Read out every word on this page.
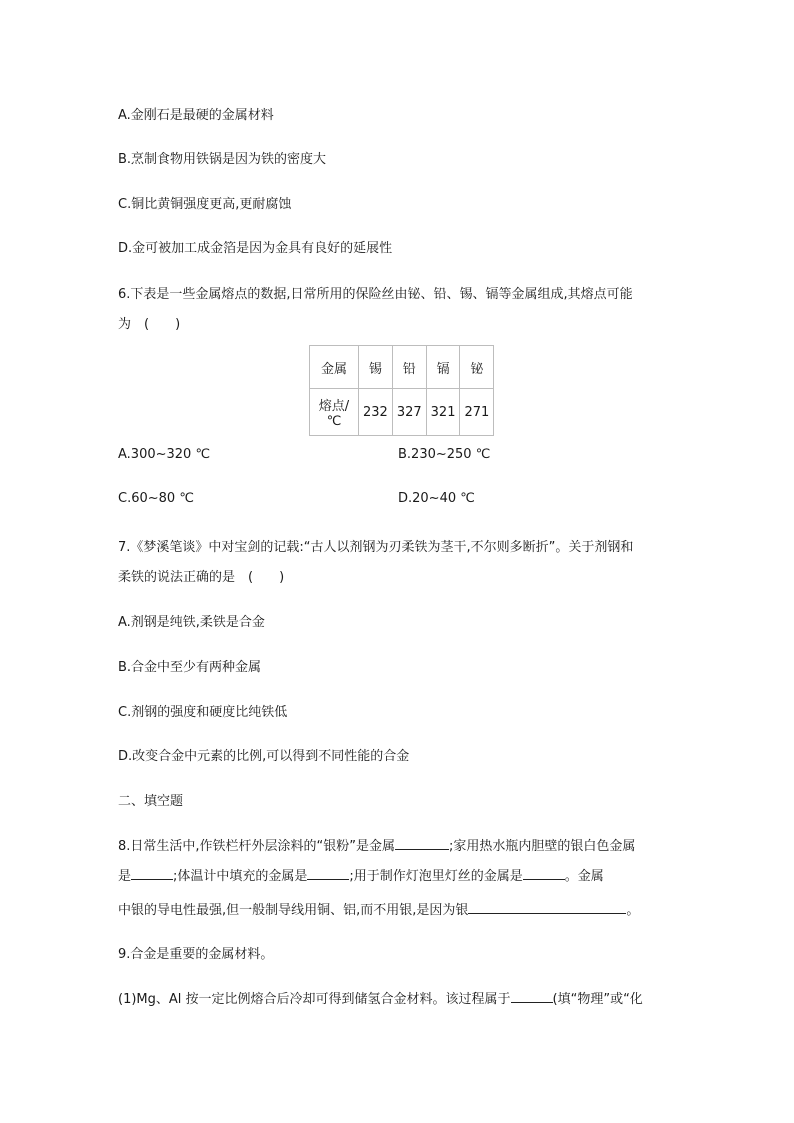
A.金刚石是最硬的金属材料
B.烹制食物用铁锅是因为铁的密度大
C.铜比黄铜强度更高,更耐腐蚀
D.金可被加工成金箔是因为金具有良好的延展性
6.下表是一些金属熔点的数据,日常所用的保险丝由铋、铅、锡、镉等金属组成,其熔点可能
为　(　　)
金属	锡	铅	镉	铋
熔点/℃	232	327	321	271
A.300~320 ℃	B.230~250 ℃
C.60~80 ℃	D.20~40 ℃
7.《梦溪笔谈》中对宝剑的记载:“古人以剂钢为刃柔铁为茎干,不尔则多断折”。关于剂钢和
柔铁的说法正确的是　(　　)
A.剂钢是纯铁,柔铁是合金
B.合金中至少有两种金属
C.剂钢的强度和硬度比纯铁低
D.改变合金中元素的比例,可以得到不同性能的合金
二、填空题
8.日常生活中,作铁栏杆外层涂料的“银粉”是金属	;家用热水瓶内胆壁的银白色金属
是	;体温计中填充的金属是	;用于制作灯泡里灯丝的金属是	。金属
中银的导电性最强,但一般制导线用铜、铝,而不用银,是因为银	。
9.合金是重要的金属材料。
(1)Mg、Al 按一定比例熔合后冷却可得到储氢合金材料。该过程属于	(填“物理”或“化
